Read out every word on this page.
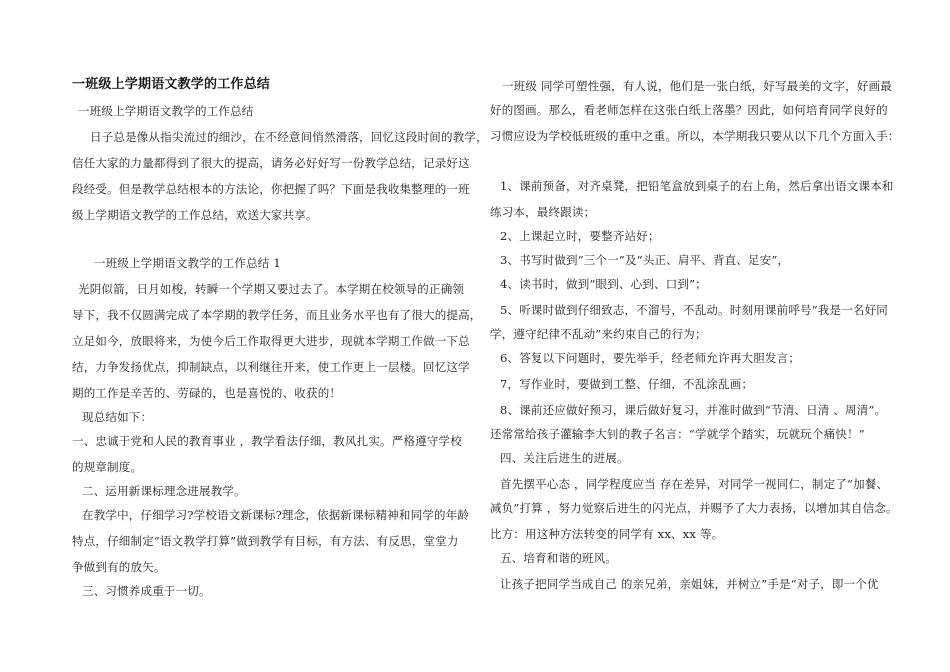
一班级上学期语文教学的工作总结
一班级上学期语文教学的工作总结
日子总是像从指尖流过的细沙，在不经意间悄然滑落，回忆这段时间的教学，
信任大家的力量都得到了很大的提高，请务必好好写一份教学总结，记录好这
段经受。但是教学总结根本的方法论，你把握了吗？下面是我收集整理的一班
级上学期语文教学的工作总结，欢送大家共享。
一班级上学期语文教学的工作总结 1
光阴似箭，日月如梭，转瞬一个学期又要过去了。本学期在校领导的正确领
导下，我不仅圆满完成了本学期的教学任务，而且业务水平也有了很大的提高，
立足如今，放眼将来，为使今后工作取得更大进步，现就本学期工作做一下总
结，力争发扬优点，抑制缺点，以利继往开来，使工作更上一层楼。回忆这学
期的工作是辛苦的、劳碌的，也是喜悦的、收获的！
现总结如下：
一、忠诚于党和人民的教育事业 ，教学看法仔细，教风扎实。严格遵守学校
的规章制度。
二、运用新课标理念进展教学。
在教学中，仔细学习?学校语文新课标?理念，依据新课标精神和同学的年龄
特点，仔细制定“语文教学打算”做到教学有目标，有方法、有反思，堂堂力
争做到有的放矢。
三、习惯养成重于一切。
一班级 同学可塑性强，有人说，他们是一张白纸，好写最美的文字，好画最
好的图画。那么，看老师怎样在这张白纸上落墨？因此，如何培育同学良好的
习惯应设为学校低班级的重中之重。所以，本学期我只要从以下几个方面入手：
1、课前预备，对齐桌凳，把铅笔盒放到桌子的右上角，然后拿出语文课本和
练习本，最终跟读；
2、上课起立时，要整齐站好；
3、书写时做到“三个一”及“头正、肩平、背直、足安”，
4、读书时，做到“眼到、心到、口到”；
5、听课时做到仔细致志，不溜号，不乱动。时刻用课前呼号“我是一名好同
学，遵守纪律不乱动”来约束自己的行为；
6、答复以下问题时，要先举手，经老师允许再大胆发言；
7，写作业时，要做到工整、仔细，不乱涂乱画；
8、课前还应做好预习，课后做好复习，并准时做到“节清、日清 、周清”。
还常常给孩子灌输李大钊的教子名言：“学就学个踏实，玩就玩个痛快！”
四、关注后进生的进展。
首先摆平心态 ，同学程度应当 存在差异，对同学一视同仁，制定了“加餐、
减负”打算 ，努力觉察后进生的闪光点，并赐予了大力表扬，以增加其自信念。
比方：用这种方法转变的同学有 xx、xx 等。
五、培育和谐的班风。
让孩子把同学当成自己 的亲兄弟，亲姐妹，并树立”手是“对子，即一个优
